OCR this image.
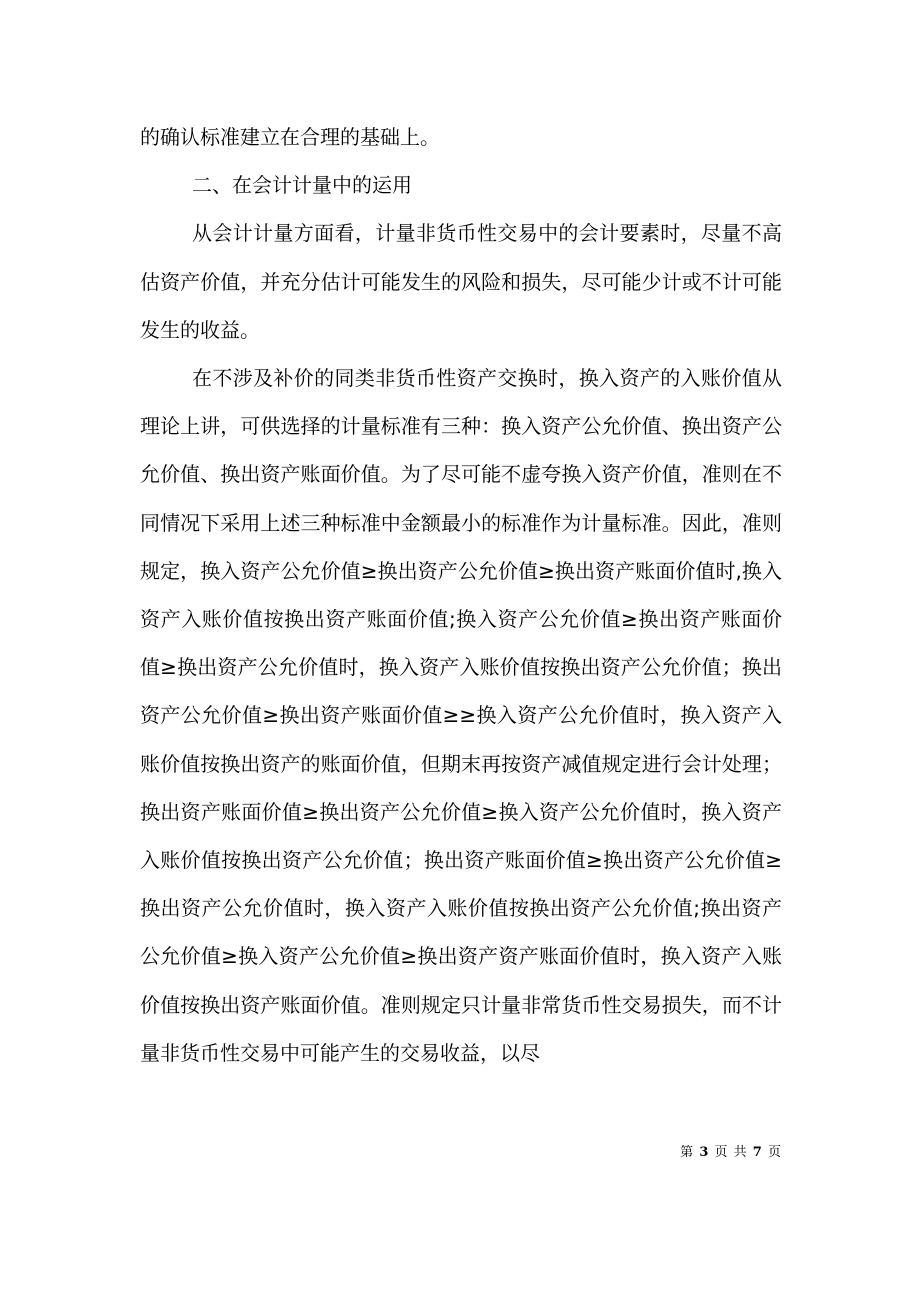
的确认标准建立在合理的基础上。

二、在会计计量中的运用

从会计计量方面看，计量非货币性交易中的会计要素时，尽量不高估资产价值，并充分估计可能发生的风险和损失，尽可能少计或不计可能发生的收益。

在不涉及补价的同类非货币性资产交换时，换入资产的入账价值从理论上讲，可供选择的计量标准有三种：换入资产公允价值、换出资产公允价值、换出资产账面价值。为了尽可能不虚夸换入资产价值，准则在不同情况下采用上述三种标准中金额最小的标准作为计量标准。因此，准则规定，换入资产公允价值≥换出资产公允价值≥换出资产账面价值时,换入资产入账价值按换出资产账面价值;换入资产公允价值≥换出资产账面价值≥换出资产公允价值时，换入资产入账价值按换出资产公允价值；换出资产公允价值≥换出资产账面价值≥≥换入资产公允价值时，换入资产入账价值按换出资产的账面价值，但期末再按资产减值规定进行会计处理；换出资产账面价值≥换出资产公允价值≥换入资产公允价值时，换入资产入账价值按换出资产公允价值；换出资产账面价值≥换出资产公允价值≥换出资产公允价值时，换入资产入账价值按换出资产公允价值;换出资产公允价值≥换入资产公允价值≥换出资产资产账面价值时，换入资产入账价值按换出资产账面价值。准则规定只计量非常货币性交易损失，而不计量非货币性交易中可能产生的交易收益，以尽

第 3 页 共 7 页
